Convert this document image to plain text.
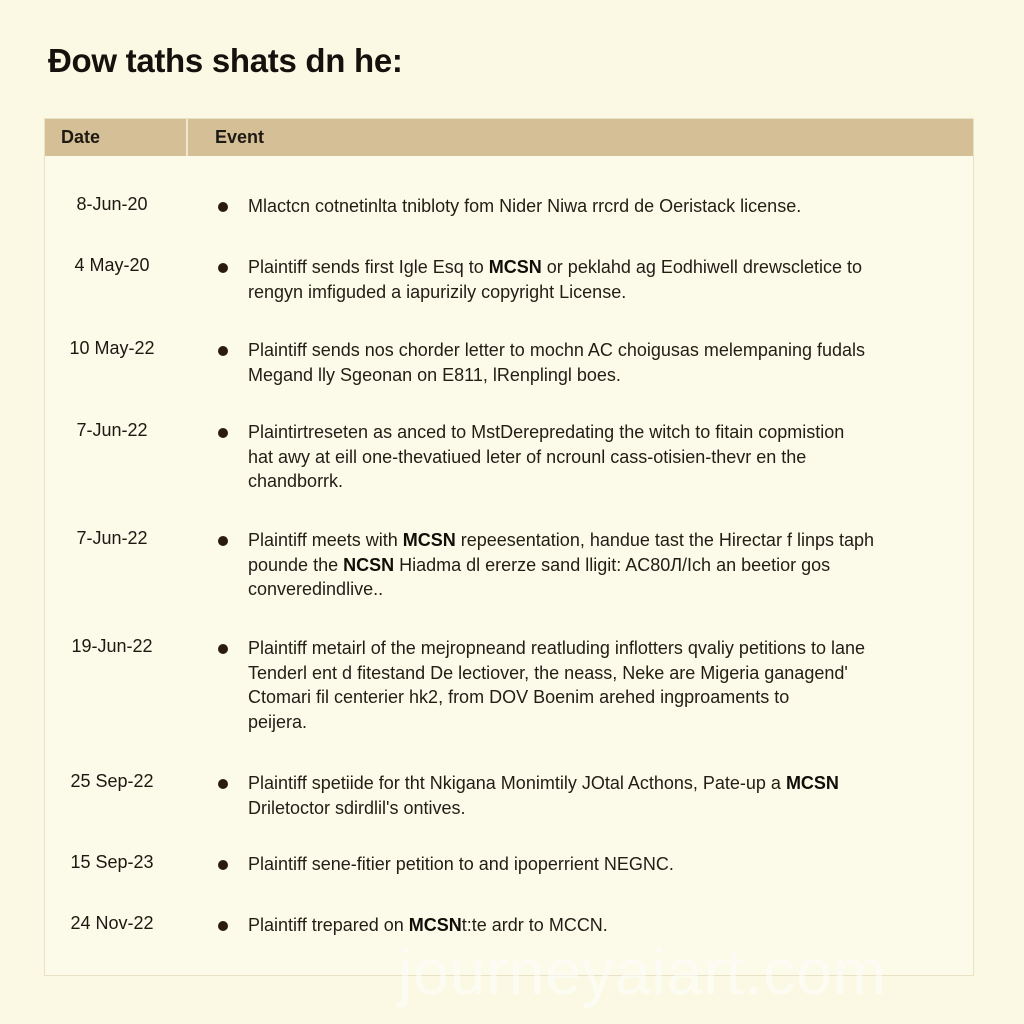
Ɖow taths shats dn he:
Date	Event
8-Jun-20	Mlactcn cotnetinlta tnibloty fom Nider Niwa rrcrd de Oeristack license.
4 May-20	Plaintiff sends first Igle Esq to MCSN or peklahd ag Eodhiwell drewscletice to
rengyn imfiguded a iapurizily copyright License.
10 May-22	Plaintiff sends nos chorder letter to mochn AC choigusas melempaning fudals
Megand lly Sgeonan on E811, lRenplingl boes.
7-Jun-22	Plaintirtreseten as anced to MstDerepredating the witch to fitain copmistion
hat awy at eill one-thevatiued leter of ncrounl cass-otisien-thevr en the
chandborrk.
7-Jun-22	Plaintiff meets with MCSN repeesentation, handue tast the Hirectar f linps taph
pounde the NCSN Hiadma dl ererze sand lligit: AC80Л/Ich an beetior gos
converedindlive..
19-Jun-22	Plaintiff metairl of the mejropneand reatluding inflotters qvaliy petitions to lane
Tenderl ent d fitestand De lectiover, the neass, Neke are Migeria ganagend'
Ctomari fil centerier hk2, from DOV Boenim arehed ingproaments to
peijera.
25 Sep-22	Plaintiff spetiide for tht Nkigana Monimtily JOtal Acthons, Pate-up a MCSN
Driletoctor sdirdlil's ontives.
15 Sep-23	Plaintiff sene-fitier petition to and ipoperrient NEGNC.
24 Nov-22	Plaintiff trepared on MCSNt:te ardr to MCCN.
journeyaiart.com
